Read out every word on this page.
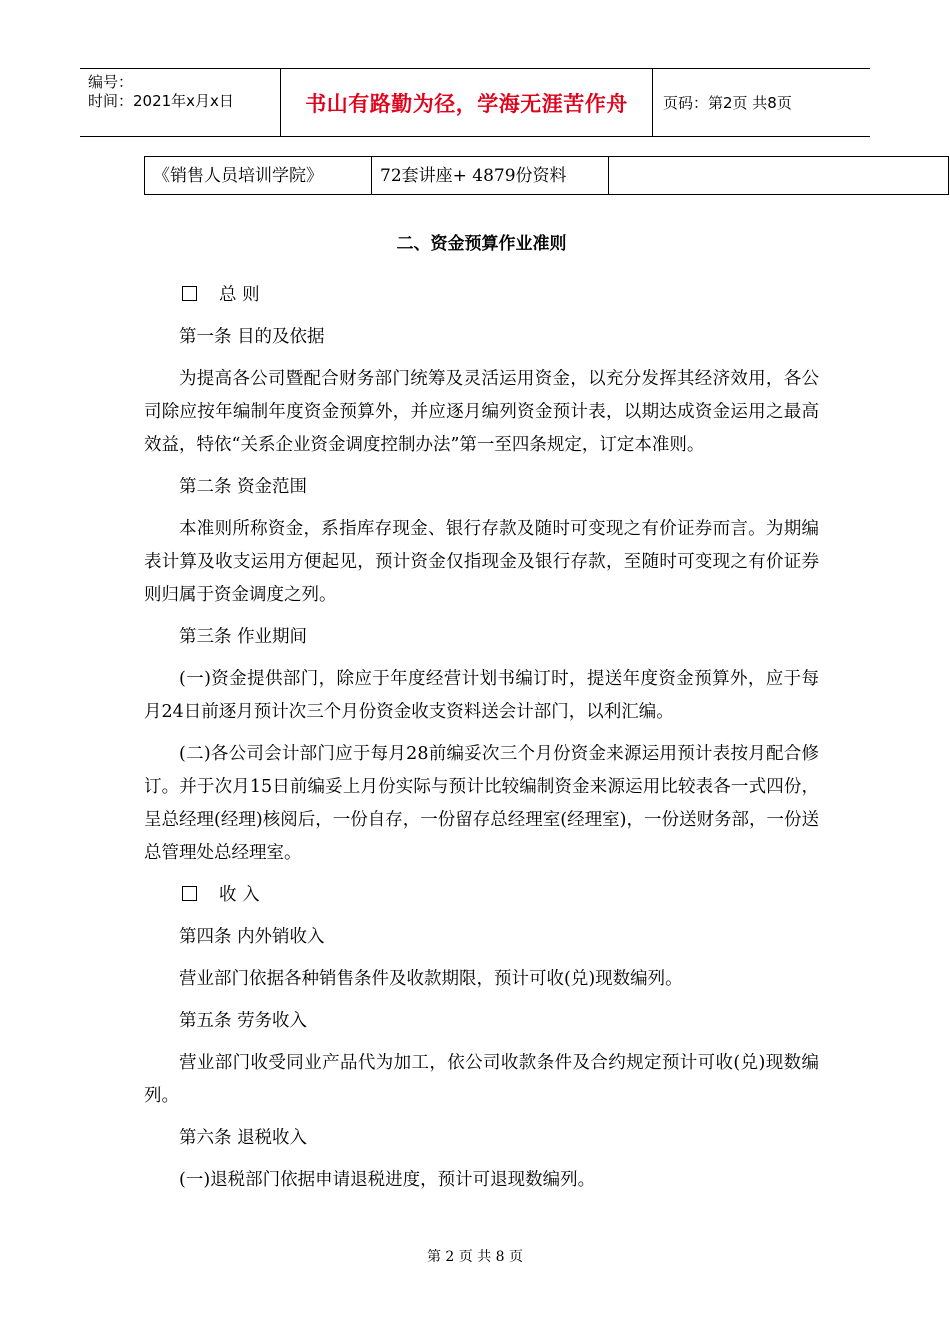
编号：
时间：2021年x月x日	书山有路勤为径，学海无涯苦作舟	页码：第2页 共8页
《销售人员培训学院》	72套讲座+ 4879份资料	
二、资金预算作业准则
总 则
第一条 目的及依据
为提高各公司暨配合财务部门统筹及灵活运用资金，以充分发挥其经济效用，各公司除应按年编制年度资金预算外，并应逐月编列资金预计表，以期达成资金运用之最高效益，特依“关系企业资金调度控制办法”第一至四条规定，订定本准则。
第二条 资金范围
本准则所称资金，系指库存现金、银行存款及随时可变现之有价证券而言。为期编表计算及收支运用方便起见，预计资金仅指现金及银行存款，至随时可变现之有价证券则归属于资金调度之列。
第三条 作业期间
(一)资金提供部门，除应于年度经营计划书编订时，提送年度资金预算外，应于每月24日前逐月预计次三个月份资金收支资料送会计部门，以利汇编。
(二)各公司会计部门应于每月28前编妥次三个月份资金来源运用预计表按月配合修订。并于次月15日前编妥上月份实际与预计比较编制资金来源运用比较表各一式四份，呈总经理(经理)核阅后，一份自存，一份留存总经理室(经理室)，一份送财务部，一份送总管理处总经理室。
收 入
第四条 内外销收入
营业部门依据各种销售条件及收款期限，预计可收(兑)现数编列。
第五条 劳务收入
营业部门收受同业产品代为加工，依公司收款条件及合约规定预计可收(兑)现数编列。
第六条 退税收入
(一)退税部门依据申请退税进度，预计可退现数编列。
第 2 页 共 8 页
